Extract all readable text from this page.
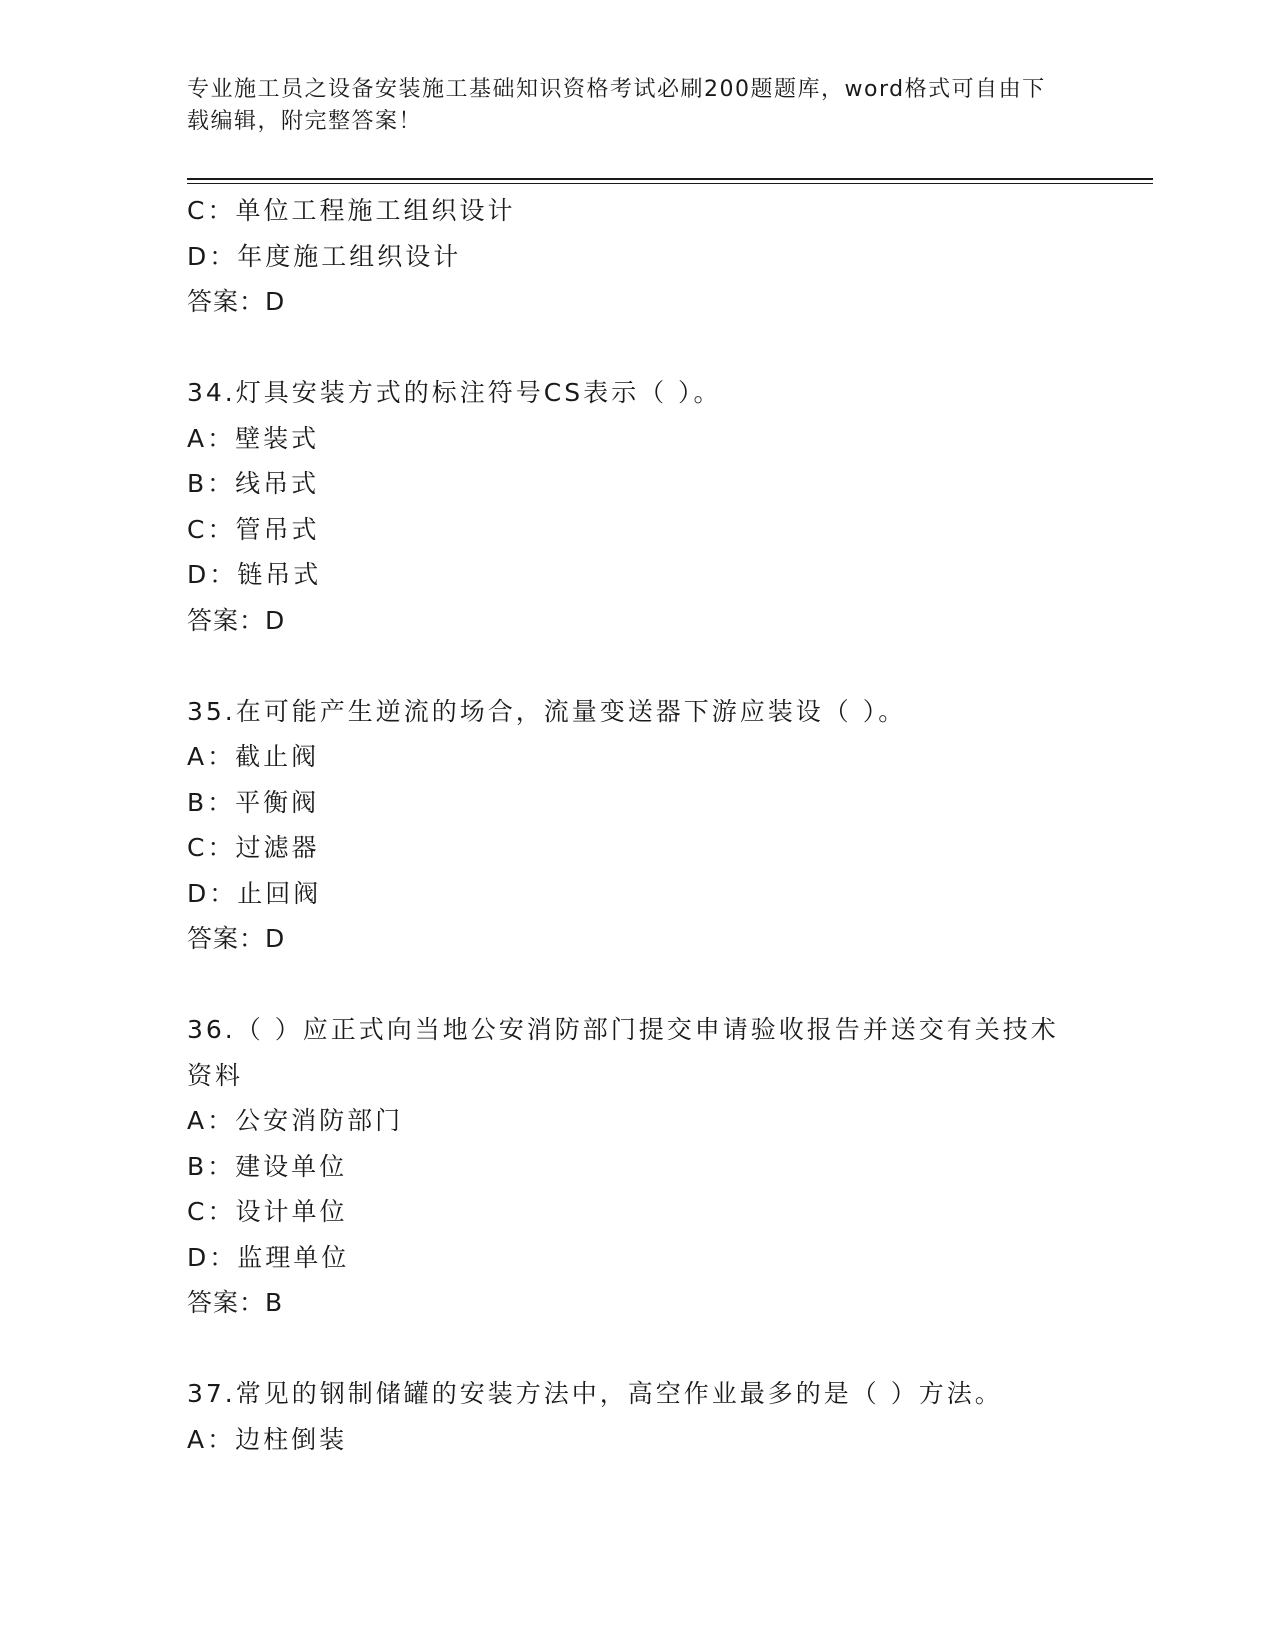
专业施工员之设备安装施工基础知识资格考试必刷200题题库，word格式可自由下载编辑，附完整答案！
C：单位工程施工组织设计
D：年度施工组织设计
答案：D
34.灯具安装方式的标注符号CS表示（ ）。
A：壁装式
B：线吊式
C：管吊式
D：链吊式
答案：D
35.在可能产生逆流的场合，流量变送器下游应装设（ ）。
A：截止阀
B：平衡阀
C：过滤器
D：止回阀
答案：D
36.（ ）应正式向当地公安消防部门提交申请验收报告并送交有关技术资料
A：公安消防部门
B：建设单位
C：设计单位
D：监理单位
答案：B
37.常见的钢制储罐的安装方法中，高空作业最多的是（ ）方法。
A：边柱倒装
